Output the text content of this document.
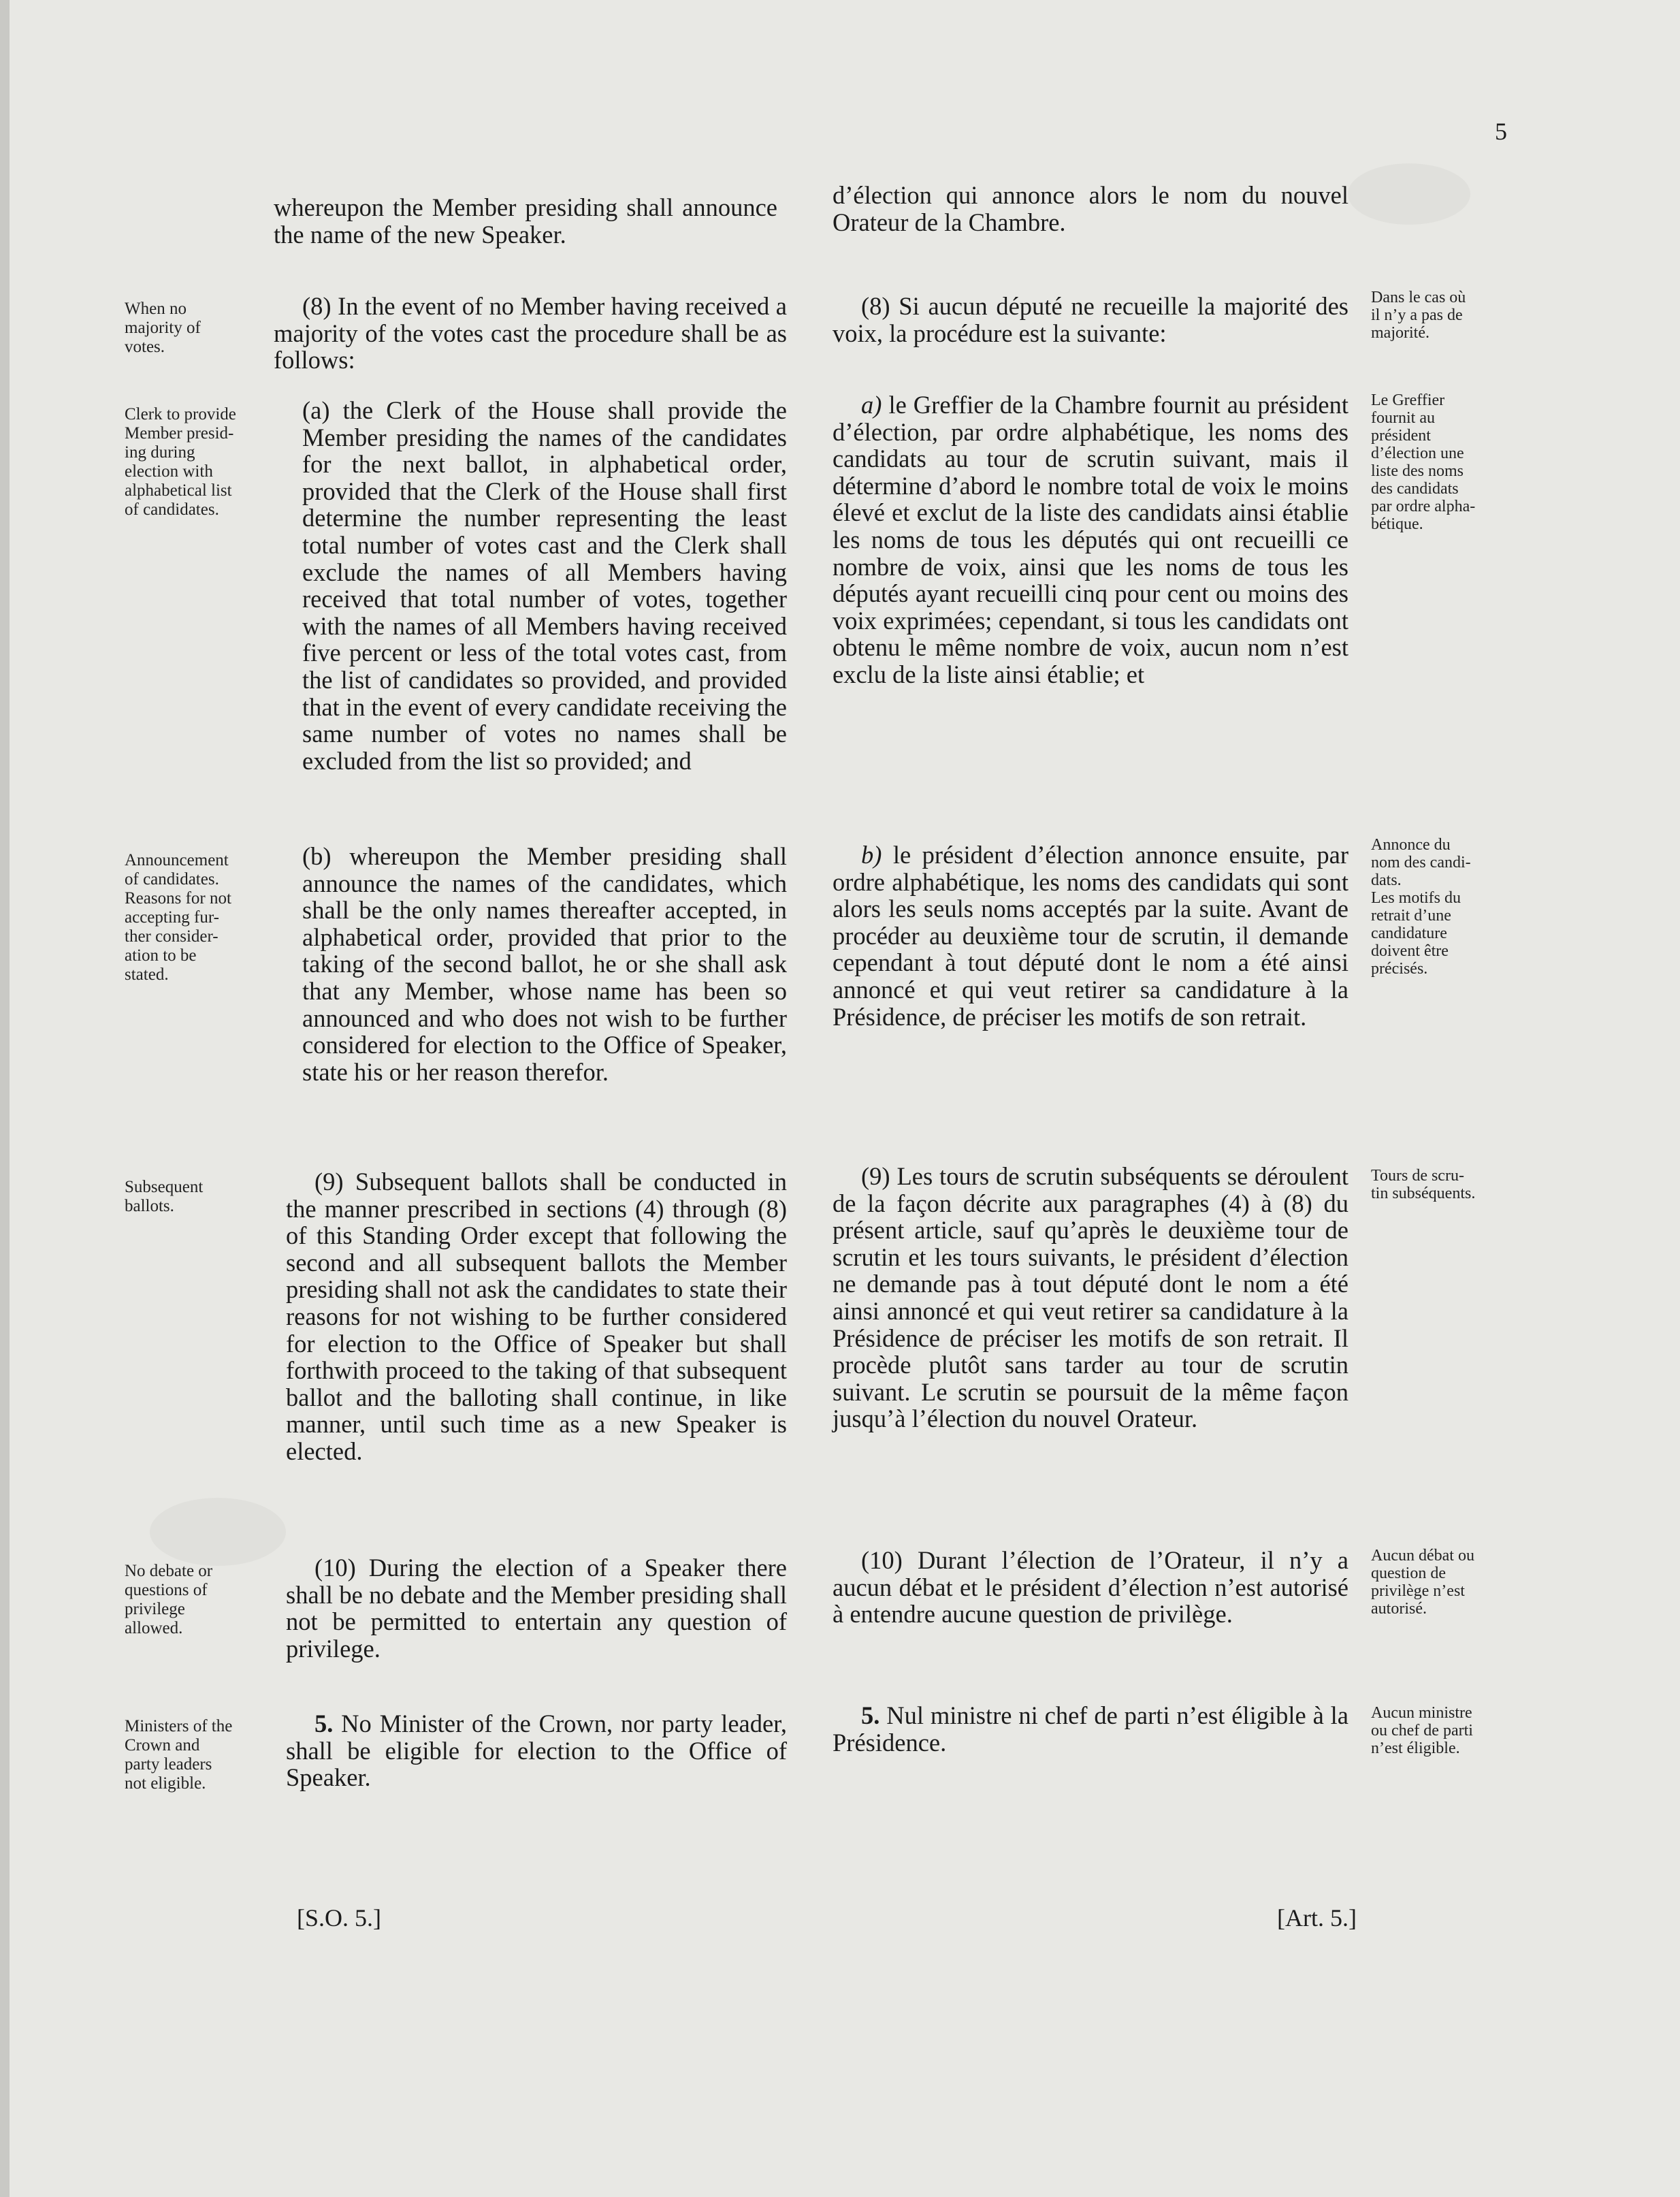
5
whereupon the Member presiding shall announce the name of the new Speaker.
When no
majority of
votes.
(8) In the event of no Member having received a majority of the votes cast the procedure shall be as follows:
Clerk to provide
Member presid-
ing during
election with
alphabetical list
of candidates.
(a) the Clerk of the House shall provide the Member presiding the names of the candidates for the next ballot, in alphabetical order, provided that the Clerk of the House shall first determine the number representing the least total number of votes cast and the Clerk shall exclude the names of all Members having received that total number of votes, together with the names of all Members having received five percent or less of the total votes cast, from the list of candidates so provided, and provided that in the event of every candidate receiving the same number of votes no names shall be excluded from the list so provided; and
Announcement
of candidates.
Reasons for not
accepting fur-
ther consider-
ation to be
stated.
(b) whereupon the Member presiding shall announce the names of the candidates, which shall be the only names thereafter accepted, in alphabetical order, provided that prior to the taking of the second ballot, he or she shall ask that any Member, whose name has been so announced and who does not wish to be further considered for election to the Office of Speaker, state his or her reason therefor.
Subsequent
ballots.
(9) Subsequent ballots shall be conducted in the manner prescribed in sections (4) through (8) of this Standing Order except that following the second and all subsequent ballots the Member presiding shall not ask the candidates to state their reasons for not wishing to be further considered for election to the Office of Speaker but shall forthwith proceed to the taking of that subsequent ballot and the balloting shall continue, in like manner, until such time as a new Speaker is elected.
No debate or
questions of
privilege
allowed.
(10) During the election of a Speaker there shall be no debate and the Member presiding shall not be permitted to entertain any question of privilege.
Ministers of the
Crown and
party leaders
not eligible.
5. No Minister of the Crown, nor party leader, shall be eligible for election to the Office of Speaker.
[S.O. 5.]
d’élection qui annonce alors le nom du nouvel Orateur de la Chambre.
(8) Si aucun député ne recueille la majorité des voix, la procédure est la suivante:
Dans le cas où
il n’y a pas de
majorité.
a) le Greffier de la Chambre fournit au président d’élection, par ordre alphabétique, les noms des candidats au tour de scrutin suivant, mais il détermine d’abord le nombre total de voix le moins élevé et exclut de la liste des candidats ainsi établie les noms de tous les députés qui ont recueilli ce nombre de voix, ainsi que les noms de tous les députés ayant recueilli cinq pour cent ou moins des voix exprimées; cependant, si tous les candidats ont obtenu le même nombre de voix, aucun nom n’est exclu de la liste ainsi établie; et
Le Greffier
fournit au
président
d’élection une
liste des noms
des candidats
par ordre alpha-
bétique.
b) le président d’élection annonce ensuite, par ordre alphabétique, les noms des candidats qui sont alors les seuls noms acceptés par la suite. Avant de procéder au deuxième tour de scrutin, il demande cependant à tout député dont le nom a été ainsi annoncé et qui veut retirer sa candidature à la Présidence, de préciser les motifs de son retrait.
Annonce du
nom des candi-
dats.
Les motifs du
retrait d’une
candidature
doivent être
précisés.
(9) Les tours de scrutin subséquents se déroulent de la façon décrite aux paragraphes (4) à (8) du présent article, sauf qu’après le deuxième tour de scrutin et les tours suivants, le président d’élection ne demande pas à tout député dont le nom a été ainsi annoncé et qui veut retirer sa candidature à la Présidence de préciser les motifs de son retrait. Il procède plutôt sans tarder au tour de scrutin suivant. Le scrutin se poursuit de la même façon jusqu’à l’élection du nouvel Orateur.
Tours de scru-
tin subséquents.
(10) Durant l’élection de l’Orateur, il n’y a aucun débat et le président d’élection n’est autorisé à entendre aucune question de privilège.
Aucun débat ou
question de
privilège n’est
autorisé.
5. Nul ministre ni chef de parti n’est éligible à la Présidence.
Aucun ministre
ou chef de parti
n’est éligible.
[Art. 5.]
